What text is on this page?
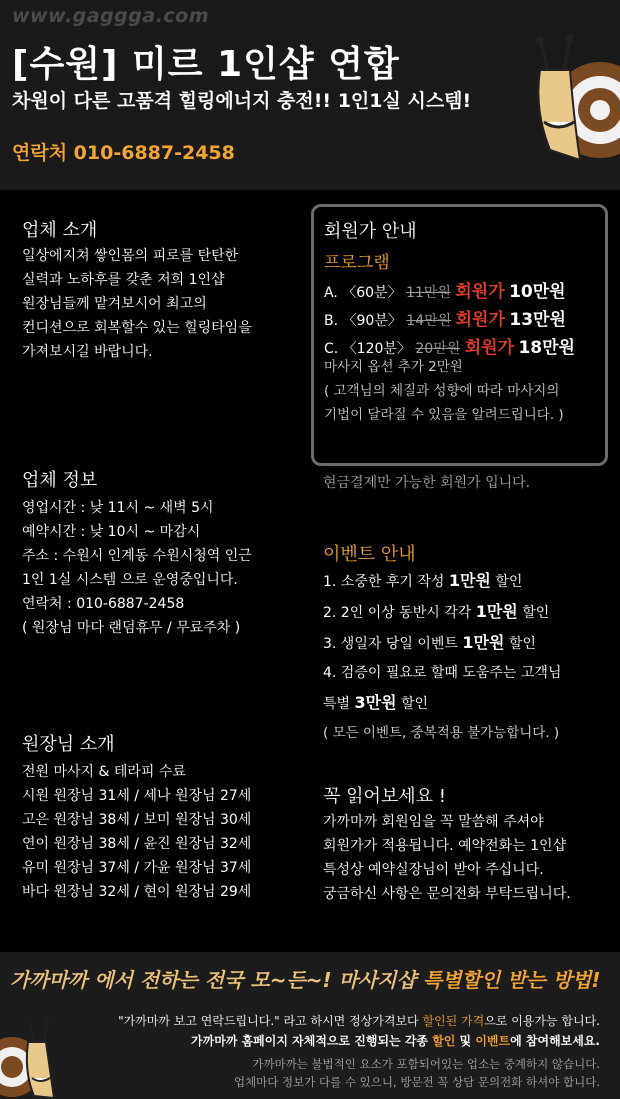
www.gaggga.com
[수원] 미르 1인샵 연합
차원이 다른 고품격 힐링에너지 충전!! 1인1실 시스템!
연락처 010-6887-2458
업체 소개
일상에지쳐 쌓인몸의 피로를 탄탄한
실력과 노하후를 갖춘 저희 1인샵
원장님들께 맡겨보시어 최고의
컨디션으로 회복할수 있는 힐링타임을
가져보시길 바랍니다.
업체 정보
영업시간 : 낮 11시 ~ 새벽 5시
예약시간 : 낮 10시 ~ 마감시
주소 : 수원시 인계동 수원시청역 인근
1인 1실 시스템 으로 운영중입니다.
연락처 : 010-6887-2458
( 원장님 마다 랜덤휴무 / 무료주차 )
원장님 소개
전원 마사지 & 테라피 수료
시원 원장님 31세 / 세나 원장님 27세
고은 원장님 38세 / 보미 원장님 30세
연이 원장님 38세 / 윤진 원장님 32세
유미 원장님 37세 / 가윤 원장님 37세
바다 원장님 32세 / 현이 원장님 29세
회원가 안내
프로그램
A. 〈60분〉 11만원 회원가 10만원
B. 〈90분〉 14만원 회원가 13만원
C. 〈120분〉 20만원 회원가 18만원
마사지 옵션 추가 2만원
( 고객님의 체질과 성향에 따라 마사지의
기법이 달라질 수 있음을 알려드립니다. )
현금결제만 가능한 회원가 입니다.
이벤트 안내
1. 소중한 후기 작성 1만원 할인
2. 2인 이상 동반시 각각 1만원 할인
3. 생일자 당일 이벤트 1만원 할인
4. 검증이 필요로 할때 도움주는 고객님
특별 3만원 할인
( 모든 이벤트, 중복적용 불가능합니다. )
꼭 읽어보세요 !
가까마까 회원임을 꼭 말씀해 주셔야
회원가가 적용됩니다. 예약전화는 1인샵
특성상 예약실장님이 받아 주십니다.
궁금하신 사항은 문의전화 부탁드립니다.
가까마까 에서 전하는 전국 모~든~! 마사지샵 특별할인 받는 방법!
"가까마까 보고 연락드립니다." 라고 하시면 정상가격보다 할인된 가격으로 이용가능 합니다.
가까마까 홈페이지 자체적으로 진행되는 각종 할인 및 이벤트에 참여해보세요.
가까마까는 불법적인 요소가 포함되어있는 업소는 중계하지 않습니다.
업체마다 정보가 다를 수 있으니, 방문전 꼭 상담 문의전화 하셔야 합니다.
